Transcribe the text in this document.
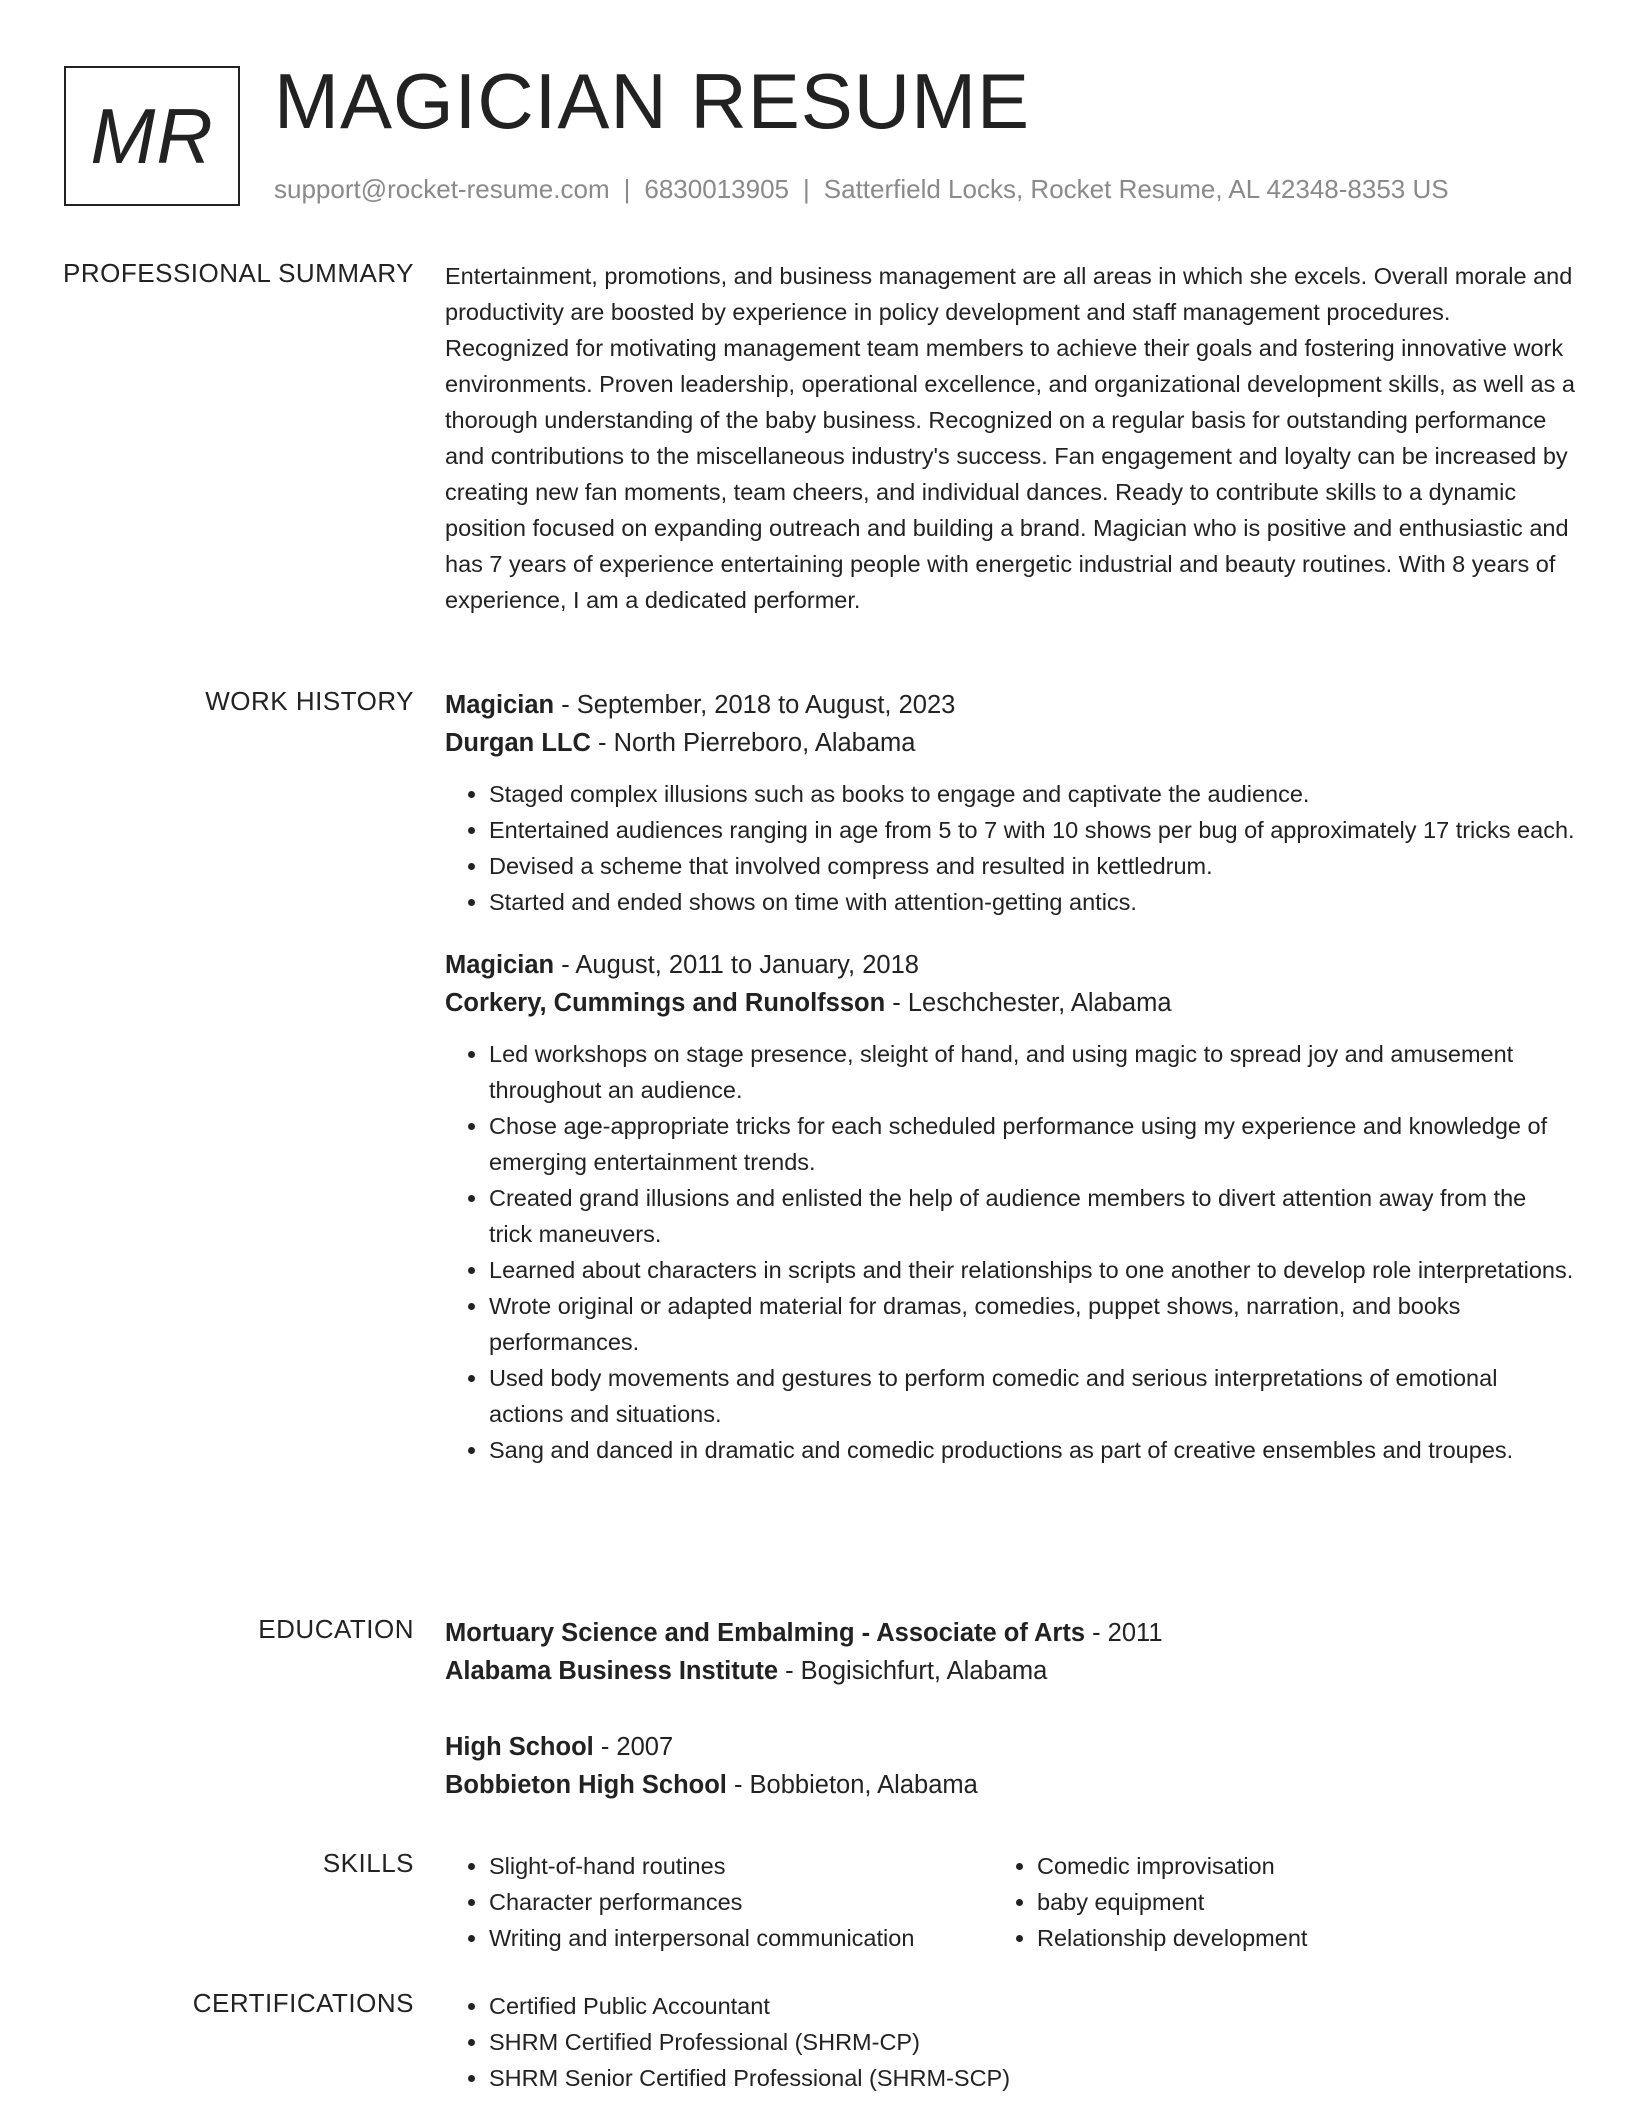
MR MAGICIAN RESUME
support@rocket-resume.com | 6830013905 | Satterfield Locks, Rocket Resume, AL 42348-8353 US
PROFESSIONAL SUMMARY Entertainment, promotions, and business management are all areas in which she excels. Overall morale and productivity are boosted by experience in policy development and staff management procedures. Recognized for motivating management team members to achieve their goals and fostering innovative work environments. Proven leadership, operational excellence, and organizational development skills, as well as a thorough understanding of the baby business. Recognized on a regular basis for outstanding performance and contributions to the miscellaneous industry's success. Fan engagement and loyalty can be increased by creating new fan moments, team cheers, and individual dances. Ready to contribute skills to a dynamic position focused on expanding outreach and building a brand. Magician who is positive and enthusiastic and has 7 years of experience entertaining people with energetic industrial and beauty routines. With 8 years of experience, I am a dedicated performer.

WORK HISTORY Magician - September, 2018 to August, 2023
Durgan LLC - North Pierreboro, Alabama
• Staged complex illusions such as books to engage and captivate the audience.
• Entertained audiences ranging in age from 5 to 7 with 10 shows per bug of approximately 17 tricks each.
• Devised a scheme that involved compress and resulted in kettledrum.
• Started and ended shows on time with attention-getting antics.
Magician - August, 2011 to January, 2018
Corkery, Cummings and Runolfsson - Leschchester, Alabama
• Led workshops on stage presence, sleight of hand, and using magic to spread joy and amusement throughout an audience.
• Chose age-appropriate tricks for each scheduled performance using my experience and knowledge of emerging entertainment trends.
• Created grand illusions and enlisted the help of audience members to divert attention away from the trick maneuvers.
• Learned about characters in scripts and their relationships to one another to develop role interpretations.
• Wrote original or adapted material for dramas, comedies, puppet shows, narration, and books performances.
• Used body movements and gestures to perform comedic and serious interpretations of emotional actions and situations.
• Sang and danced in dramatic and comedic productions as part of creative ensembles and troupes.
EDUCATION Mortuary Science and Embalming - Associate of Arts - 2011
Alabama Business Institute - Bogisichfurt, Alabama
High School - 2007
Bobbieton High School - Bobbieton, Alabama
SKILLS	• Slight-of-hand routines
• Character performances
• Writing and interpersonal communication
• Comedic improvisation
• baby equipment
• Relationship development
CERTIFICATIONS	• Certified Public Accountant
• SHRM Certified Professional (SHRM-CP)
• SHRM Senior Certified Professional (SHRM-SCP)
